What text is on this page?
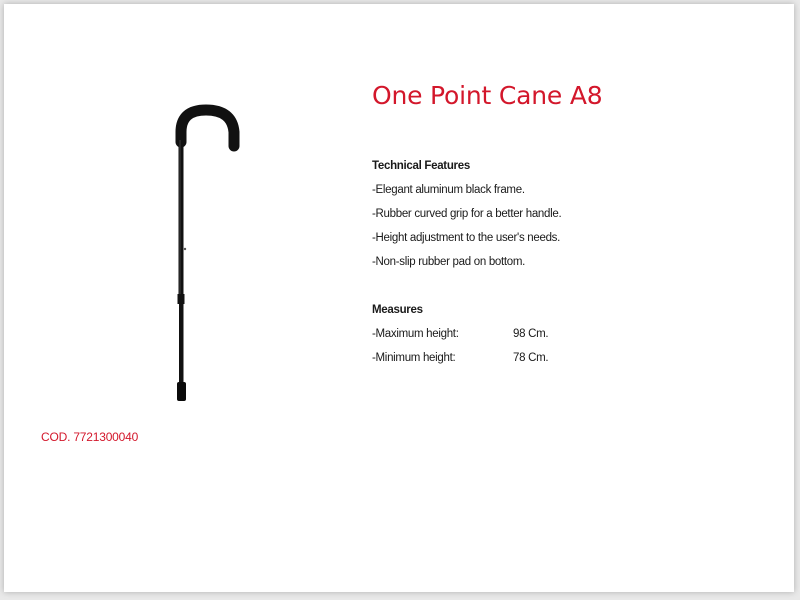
One Point Cane A8
Technical Features
-Elegant aluminum black frame.
-Rubber curved grip for a better handle.
-Height adjustment to the user's needs.
-Non-slip rubber pad on bottom.
Measures
-Maximum height:	98 Cm.
-Minimum height:	78 Cm.
COD. 7721300040
